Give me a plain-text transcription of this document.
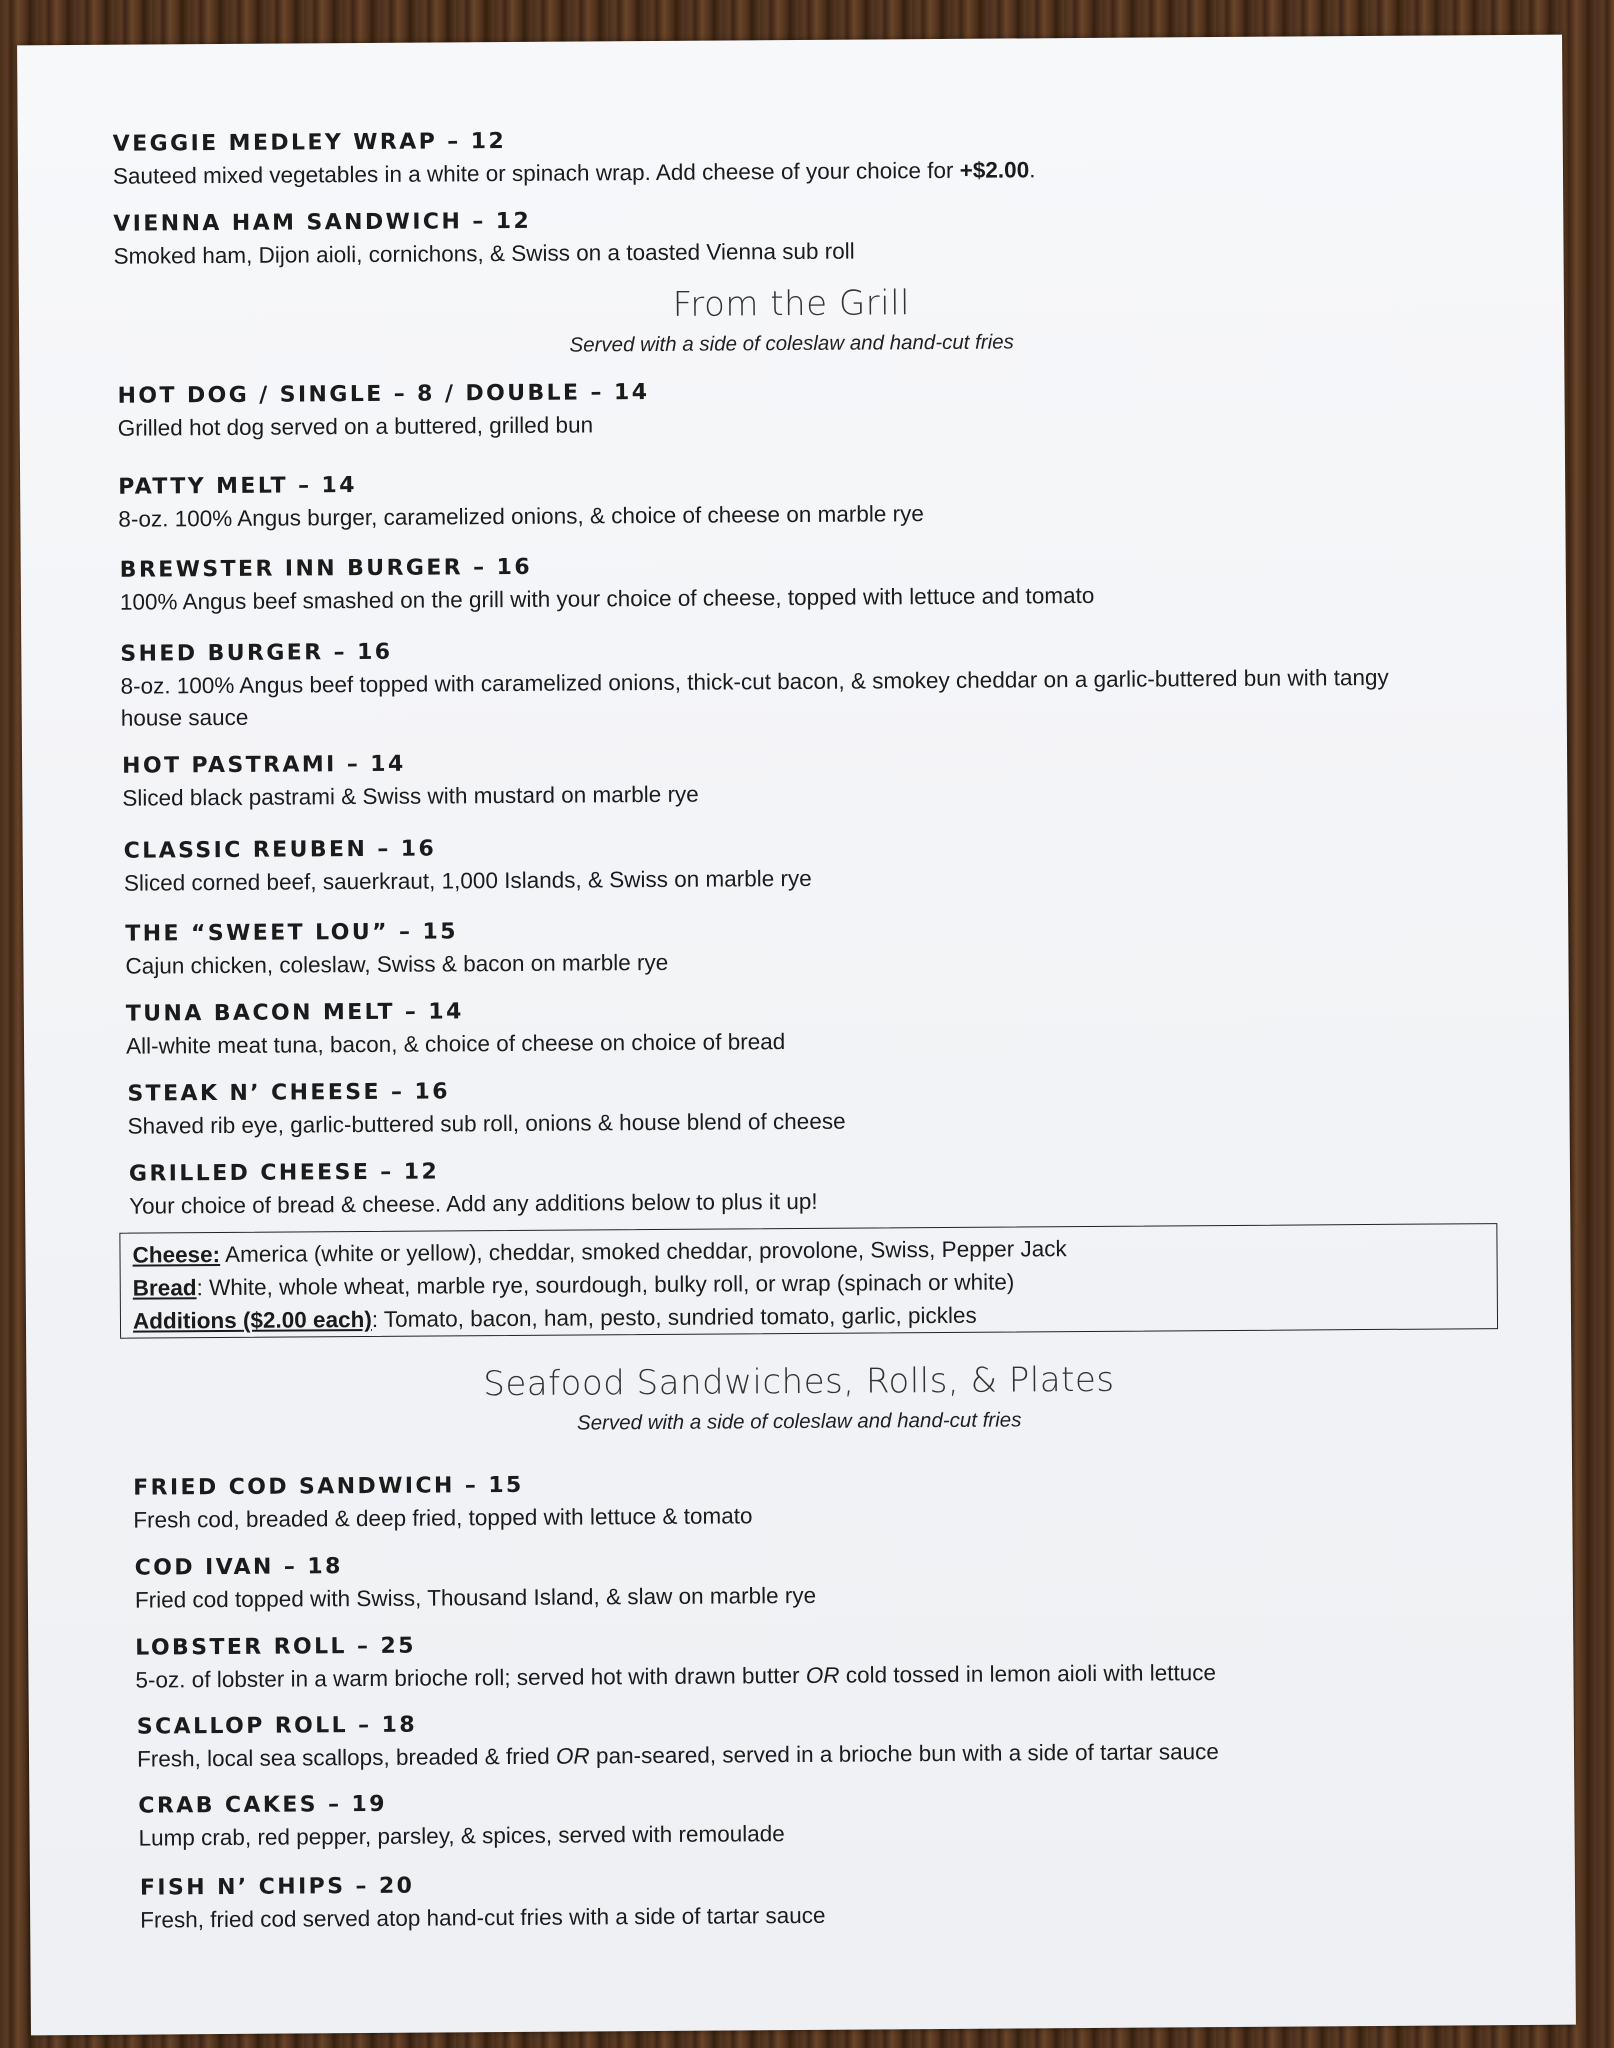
VEGGIE MEDLEY WRAP – 12
Sauteed mixed vegetables in a white or spinach wrap. Add cheese of your choice for +$2.00.
VIENNA HAM SANDWICH – 12
Smoked ham, Dijon aioli, cornichons, & Swiss on a toasted Vienna sub roll
From the Grill
Served with a side of coleslaw and hand-cut fries
HOT DOG / SINGLE – 8 / DOUBLE – 14
Grilled hot dog served on a buttered, grilled bun
PATTY MELT – 14
8-oz. 100% Angus burger, caramelized onions, & choice of cheese on marble rye
BREWSTER INN BURGER – 16
100% Angus beef smashed on the grill with your choice of cheese, topped with lettuce and tomato
SHED BURGER – 16
8-oz. 100% Angus beef topped with caramelized onions, thick-cut bacon, & smokey cheddar on a garlic-buttered bun with tangy house sauce
HOT PASTRAMI – 14
Sliced black pastrami & Swiss with mustard on marble rye
CLASSIC REUBEN – 16
Sliced corned beef, sauerkraut, 1,000 Islands, & Swiss on marble rye
THE “SWEET LOU” – 15
Cajun chicken, coleslaw, Swiss & bacon on marble rye
TUNA BACON MELT – 14
All-white meat tuna, bacon, & choice of cheese on choice of bread
STEAK N’ CHEESE – 16
Shaved rib eye, garlic-buttered sub roll, onions & house blend of cheese
GRILLED CHEESE – 12
Your choice of bread & cheese. Add any additions below to plus it up!
Cheese: America (white or yellow), cheddar, smoked cheddar, provolone, Swiss, Pepper Jack
Bread: White, whole wheat, marble rye, sourdough, bulky roll, or wrap (spinach or white)
Additions ($2.00 each): Tomato, bacon, ham, pesto, sundried tomato, garlic, pickles
Seafood Sandwiches, Rolls, & Plates
Served with a side of coleslaw and hand-cut fries
FRIED COD SANDWICH – 15
Fresh cod, breaded & deep fried, topped with lettuce & tomato
COD IVAN – 18
Fried cod topped with Swiss, Thousand Island, & slaw on marble rye
LOBSTER ROLL – 25
5-oz. of lobster in a warm brioche roll; served hot with drawn butter OR cold tossed in lemon aioli with lettuce
SCALLOP ROLL – 18
Fresh, local sea scallops, breaded & fried OR pan-seared, served in a brioche bun with a side of tartar sauce
CRAB CAKES – 19
Lump crab, red pepper, parsley, & spices, served with remoulade
FISH N’ CHIPS – 20
Fresh, fried cod served atop hand-cut fries with a side of tartar sauce
